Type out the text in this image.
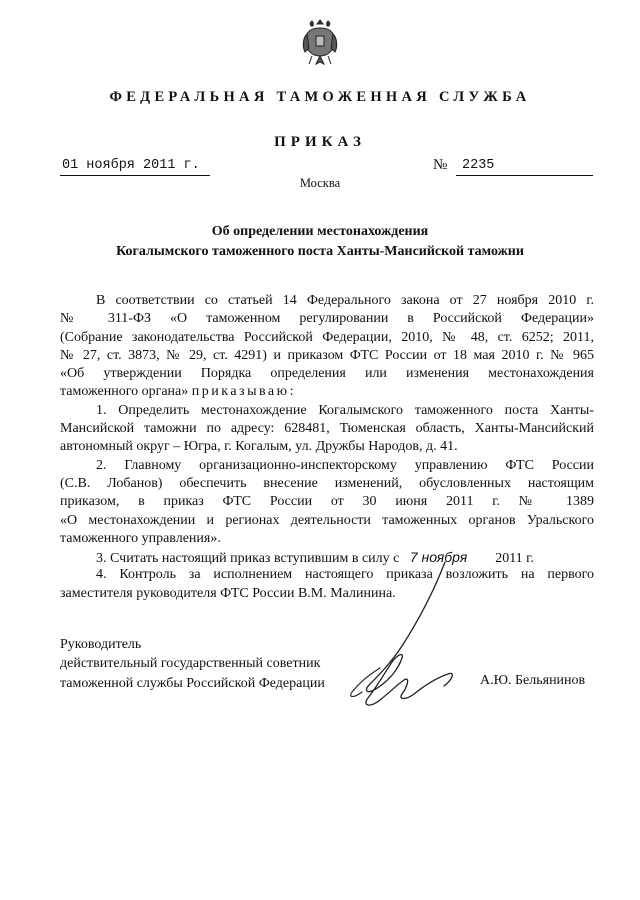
ФЕДЕРАЛЬНАЯ ТАМОЖЕННАЯ СЛУЖБА
ПРИКАЗ
01 ноября 2011 г.	№ 2235
Москва
Об определении местонахождения
Когалымского таможенного поста Ханты-Мансийской таможни
В соответствии со статьей 14 Федерального закона от 27 ноября 2010 г.
№ 311-ФЗ «О таможенном регулировании в Российской Федерации»
(Собрание законодательства Российской Федерации, 2010, № 48, ст. 6252; 2011,
№ 27, ст. 3873, № 29, ст. 4291) и приказом ФТС России от 18 мая 2010 г. № 965
«Об утверждении Порядка определения или изменения местонахождения
таможенного органа» приказываю:
1. Определить местонахождение Когалымского таможенного поста Ханты-
Мансийской таможни по адресу: 628481, Тюменская область, Ханты-Мансийский
автономный округ – Югра, г. Когалым, ул. Дружбы Народов, д. 41.
2. Главному организационно-инспекторскому управлению ФТС России
(С.В. Лобанов) обеспечить внесение изменений, обусловленных настоящим
приказом, в приказ ФТС России от 30 июня 2011 г. № 1389
«О местонахождении и регионах деятельности таможенных органов Уральского
таможенного управления».
3. Считать настоящий приказ вступившим в силу с 7 ноября 2011 г.
4. Контроль за исполнением настоящего приказа возложить на первого
заместителя руководителя ФТС России В.М. Малинина.
Руководитель
действительный государственный советник
таможенной службы Российской Федерации	А.Ю. Бельянинов
